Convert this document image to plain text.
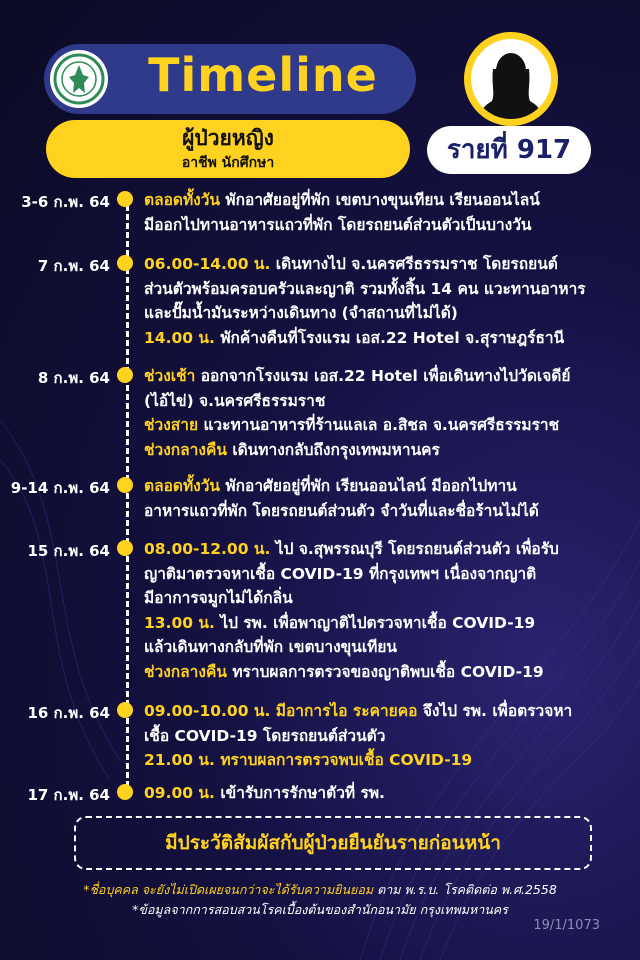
Timeline
ผู้ป่วยหญิง
อาชีพ นักศึกษา	รายที่ 917
3-6 ก.พ. 64 ตลอดทั้งวัน พักอาศัยอยู่ที่พัก เขตบางขุนเทียน เรียนออนไลน์
มีออกไปทานอาหารแถวที่พัก โดยรถยนต์ส่วนตัวเป็นบางวัน
7 ก.พ. 64 06.00-14.00 น. เดินทางไป จ.นครศรีธรรมราช โดยรถยนต์
ส่วนตัวพร้อมครอบครัวและญาติ รวมทั้งสิ้น 14 คน แวะทานอาหาร
และปั๊มน้ำมันระหว่างเดินทาง (จำสถานที่ไม่ได้)
14.00 น. พักค้างคืนที่โรงแรม เอส.22 Hotel จ.สุราษฎร์ธานี
8 ก.พ. 64 ช่วงเช้า ออกจากโรงแรม เอส.22 Hotel เพื่อเดินทางไปวัดเจดีย์
(ไอ้ไข่) จ.นครศรีธรรมราช
ช่วงสาย แวะทานอาหารที่ร้านแลเล อ.สิชล จ.นครศรีธรรมราช
ช่วงกลางคืน เดินทางกลับถึงกรุงเทพมหานคร
9-14 ก.พ. 64 ตลอดทั้งวัน พักอาศัยอยู่ที่พัก เรียนออนไลน์ มีออกไปทาน
อาหารแถวที่พัก โดยรถยนต์ส่วนตัว จำวันที่และชื่อร้านไม่ได้
15 ก.พ. 64 08.00-12.00 น. ไป จ.สุพรรณบุรี โดยรถยนต์ส่วนตัว เพื่อรับ
ญาติมาตรวจหาเชื้อ COVID-19 ที่กรุงเทพฯ เนื่องจากญาติ
มีอาการจมูกไม่ได้กลิ่น
13.00 น. ไป รพ. เพื่อพาญาติไปตรวจหาเชื้อ COVID-19
แล้วเดินทางกลับที่พัก เขตบางขุนเทียน
ช่วงกลางคืน ทราบผลการตรวจของญาติพบเชื้อ COVID-19
16 ก.พ. 64 09.00-10.00 น. มีอาการไอ ระคายคอ จึงไป รพ. เพื่อตรวจหา
เชื้อ COVID-19 โดยรถยนต์ส่วนตัว
21.00 น. ทราบผลการตรวจพบเชื้อ COVID-19
17 ก.พ. 64 09.00 น. เข้ารับการรักษาตัวที่ รพ.
มีประวัติสัมผัสกับผู้ป่วยยืนยันรายก่อนหน้า
*ชื่อบุคคล จะยังไม่เปิดเผยจนกว่าจะได้รับความยินยอม ตาม พ.ร.บ. โรคติดต่อ พ.ศ.2558
*ข้อมูลจากการสอบสวนโรคเบื้องต้นของสำนักอนามัย กรุงเทพมหานคร
19/1/1073
